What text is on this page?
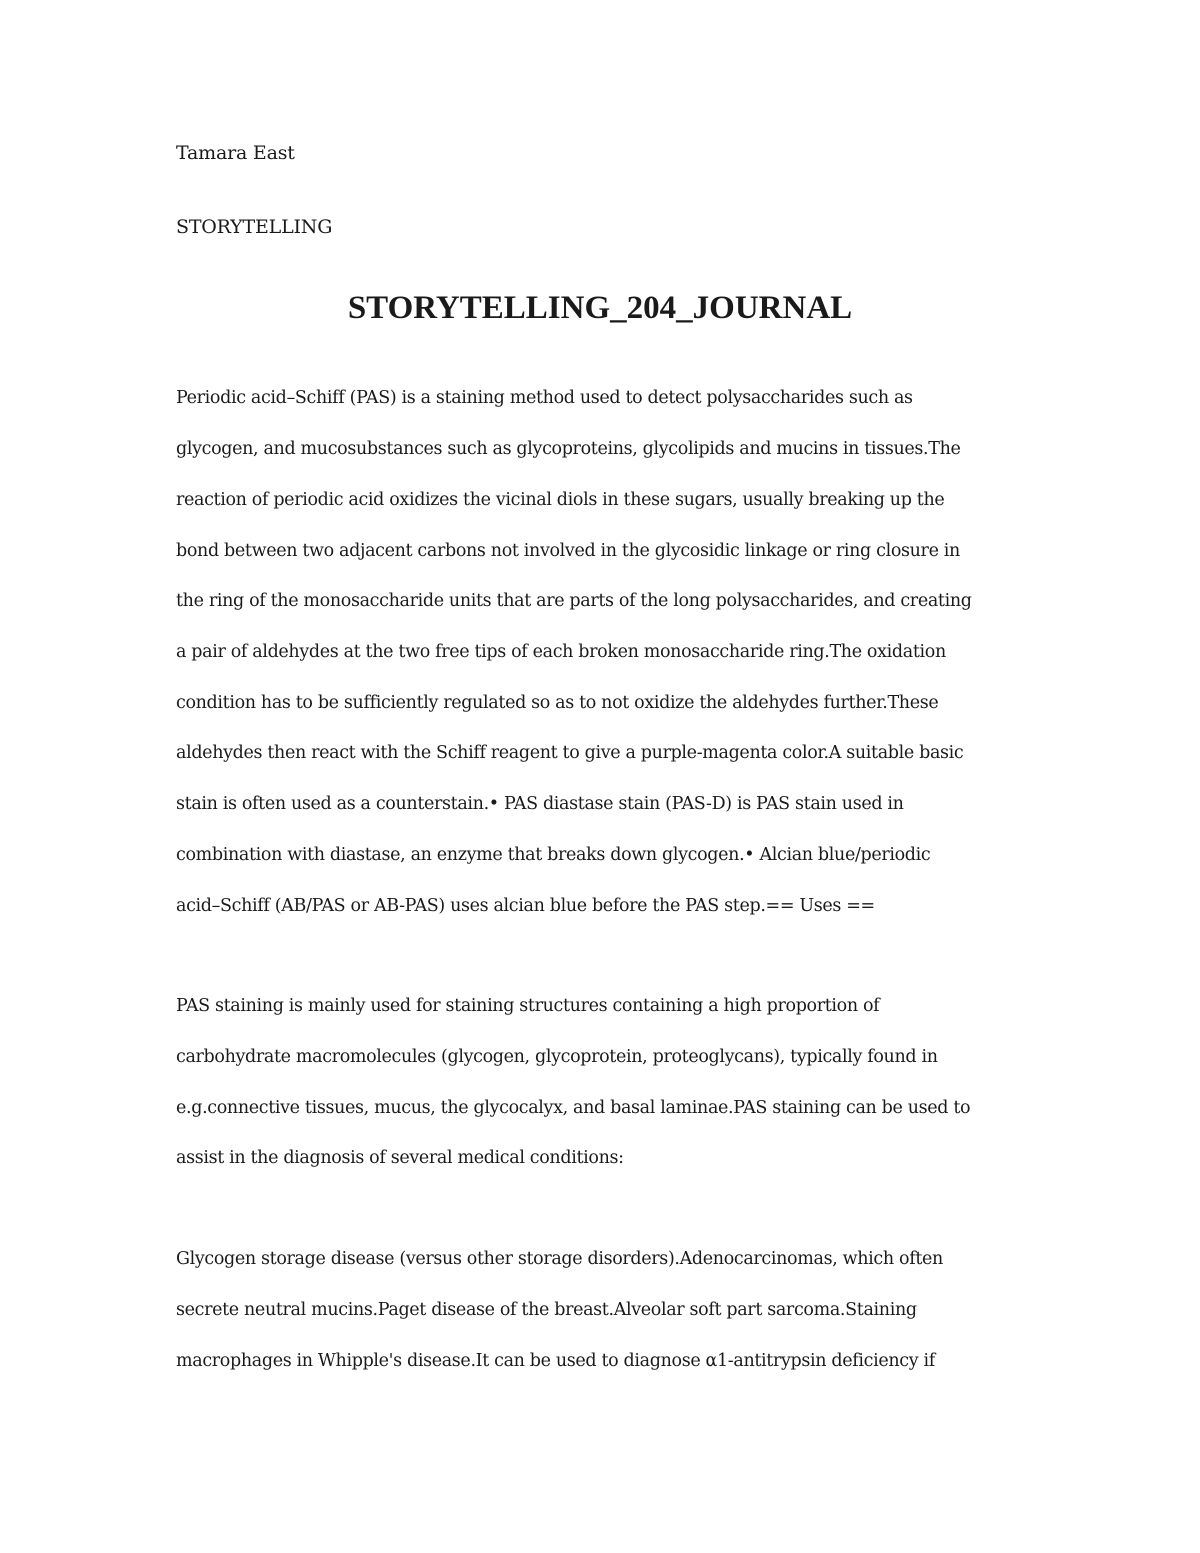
Tamara East
STORYTELLING
STORYTELLING_204_JOURNAL
Periodic acid–Schiff (PAS) is a staining method used to detect polysaccharides such as
glycogen, and mucosubstances such as glycoproteins, glycolipids and mucins in tissues.The
reaction of periodic acid oxidizes the vicinal diols in these sugars, usually breaking up the
bond between two adjacent carbons not involved in the glycosidic linkage or ring closure in
the ring of the monosaccharide units that are parts of the long polysaccharides, and creating
a pair of aldehydes at the two free tips of each broken monosaccharide ring.The oxidation
condition has to be sufficiently regulated so as to not oxidize the aldehydes further.These
aldehydes then react with the Schiff reagent to give a purple-magenta color.A suitable basic
stain is often used as a counterstain.• PAS diastase stain (PAS-D) is PAS stain used in
combination with diastase, an enzyme that breaks down glycogen.• Alcian blue/periodic
acid–Schiff (AB/PAS or AB-PAS) uses alcian blue before the PAS step.== Uses ==
PAS staining is mainly used for staining structures containing a high proportion of
carbohydrate macromolecules (glycogen, glycoprotein, proteoglycans), typically found in
e.g.connective tissues, mucus, the glycocalyx, and basal laminae.PAS staining can be used to
assist in the diagnosis of several medical conditions:
Glycogen storage disease (versus other storage disorders).Adenocarcinomas, which often
secrete neutral mucins.Paget disease of the breast.Alveolar soft part sarcoma.Staining
macrophages in Whipple's disease.It can be used to diagnose α1-antitrypsin deficiency if
